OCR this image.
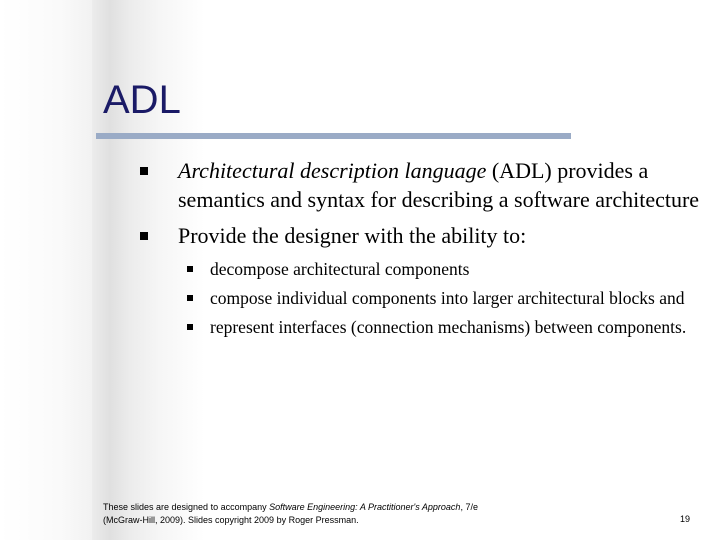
ADL
Architectural description language (ADL) provides a semantics and syntax for describing a software architecture
Provide the designer with the ability to:
decompose architectural components
compose individual components into larger architectural blocks and
represent interfaces (connection mechanisms) between components.
These slides are designed to accompany Software Engineering: A Practitioner's Approach, 7/e
(McGraw-Hill, 2009). Slides copyright 2009 by Roger Pressman.	19
